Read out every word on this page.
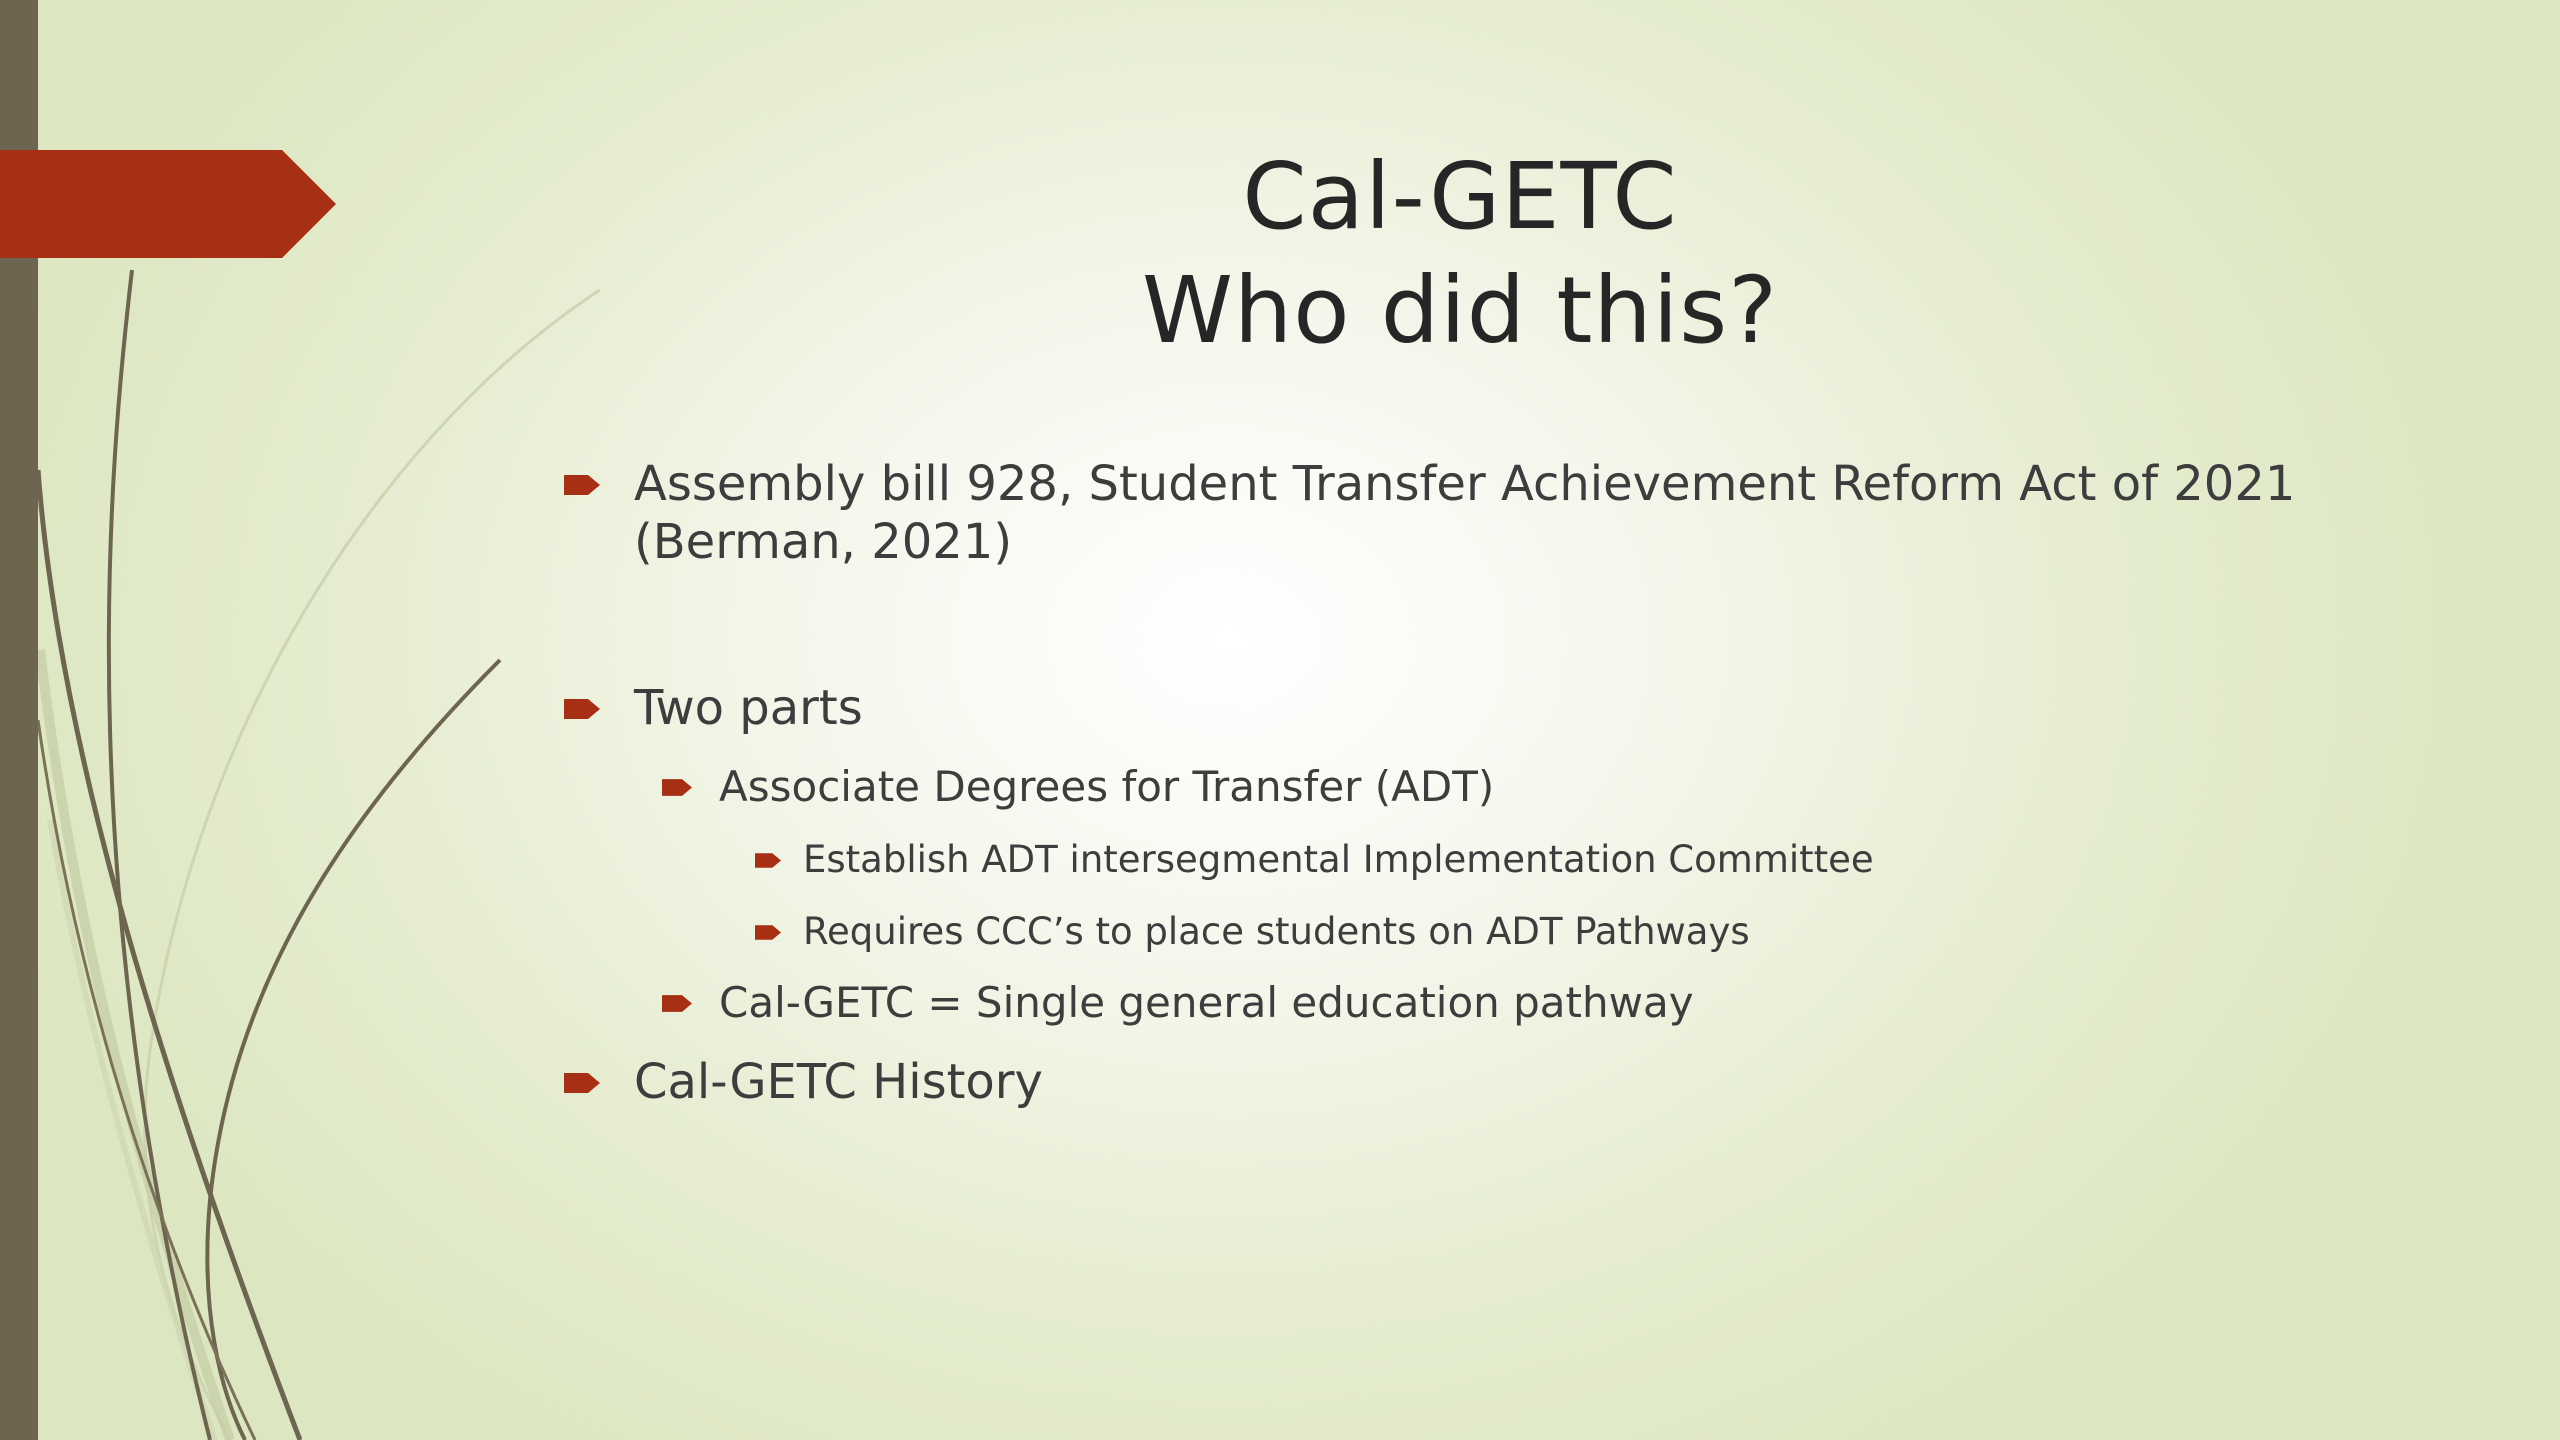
Cal-GETC
Who did this?
Assembly bill 928, Student Transfer Achievement Reform Act of 2021
(Berman, 2021)
Two parts
Associate Degrees for Transfer (ADT)
Establish ADT intersegmental Implementation Committee
Requires CCC’s to place students on ADT Pathways
Cal-GETC = Single general education pathway
Cal-GETC History
